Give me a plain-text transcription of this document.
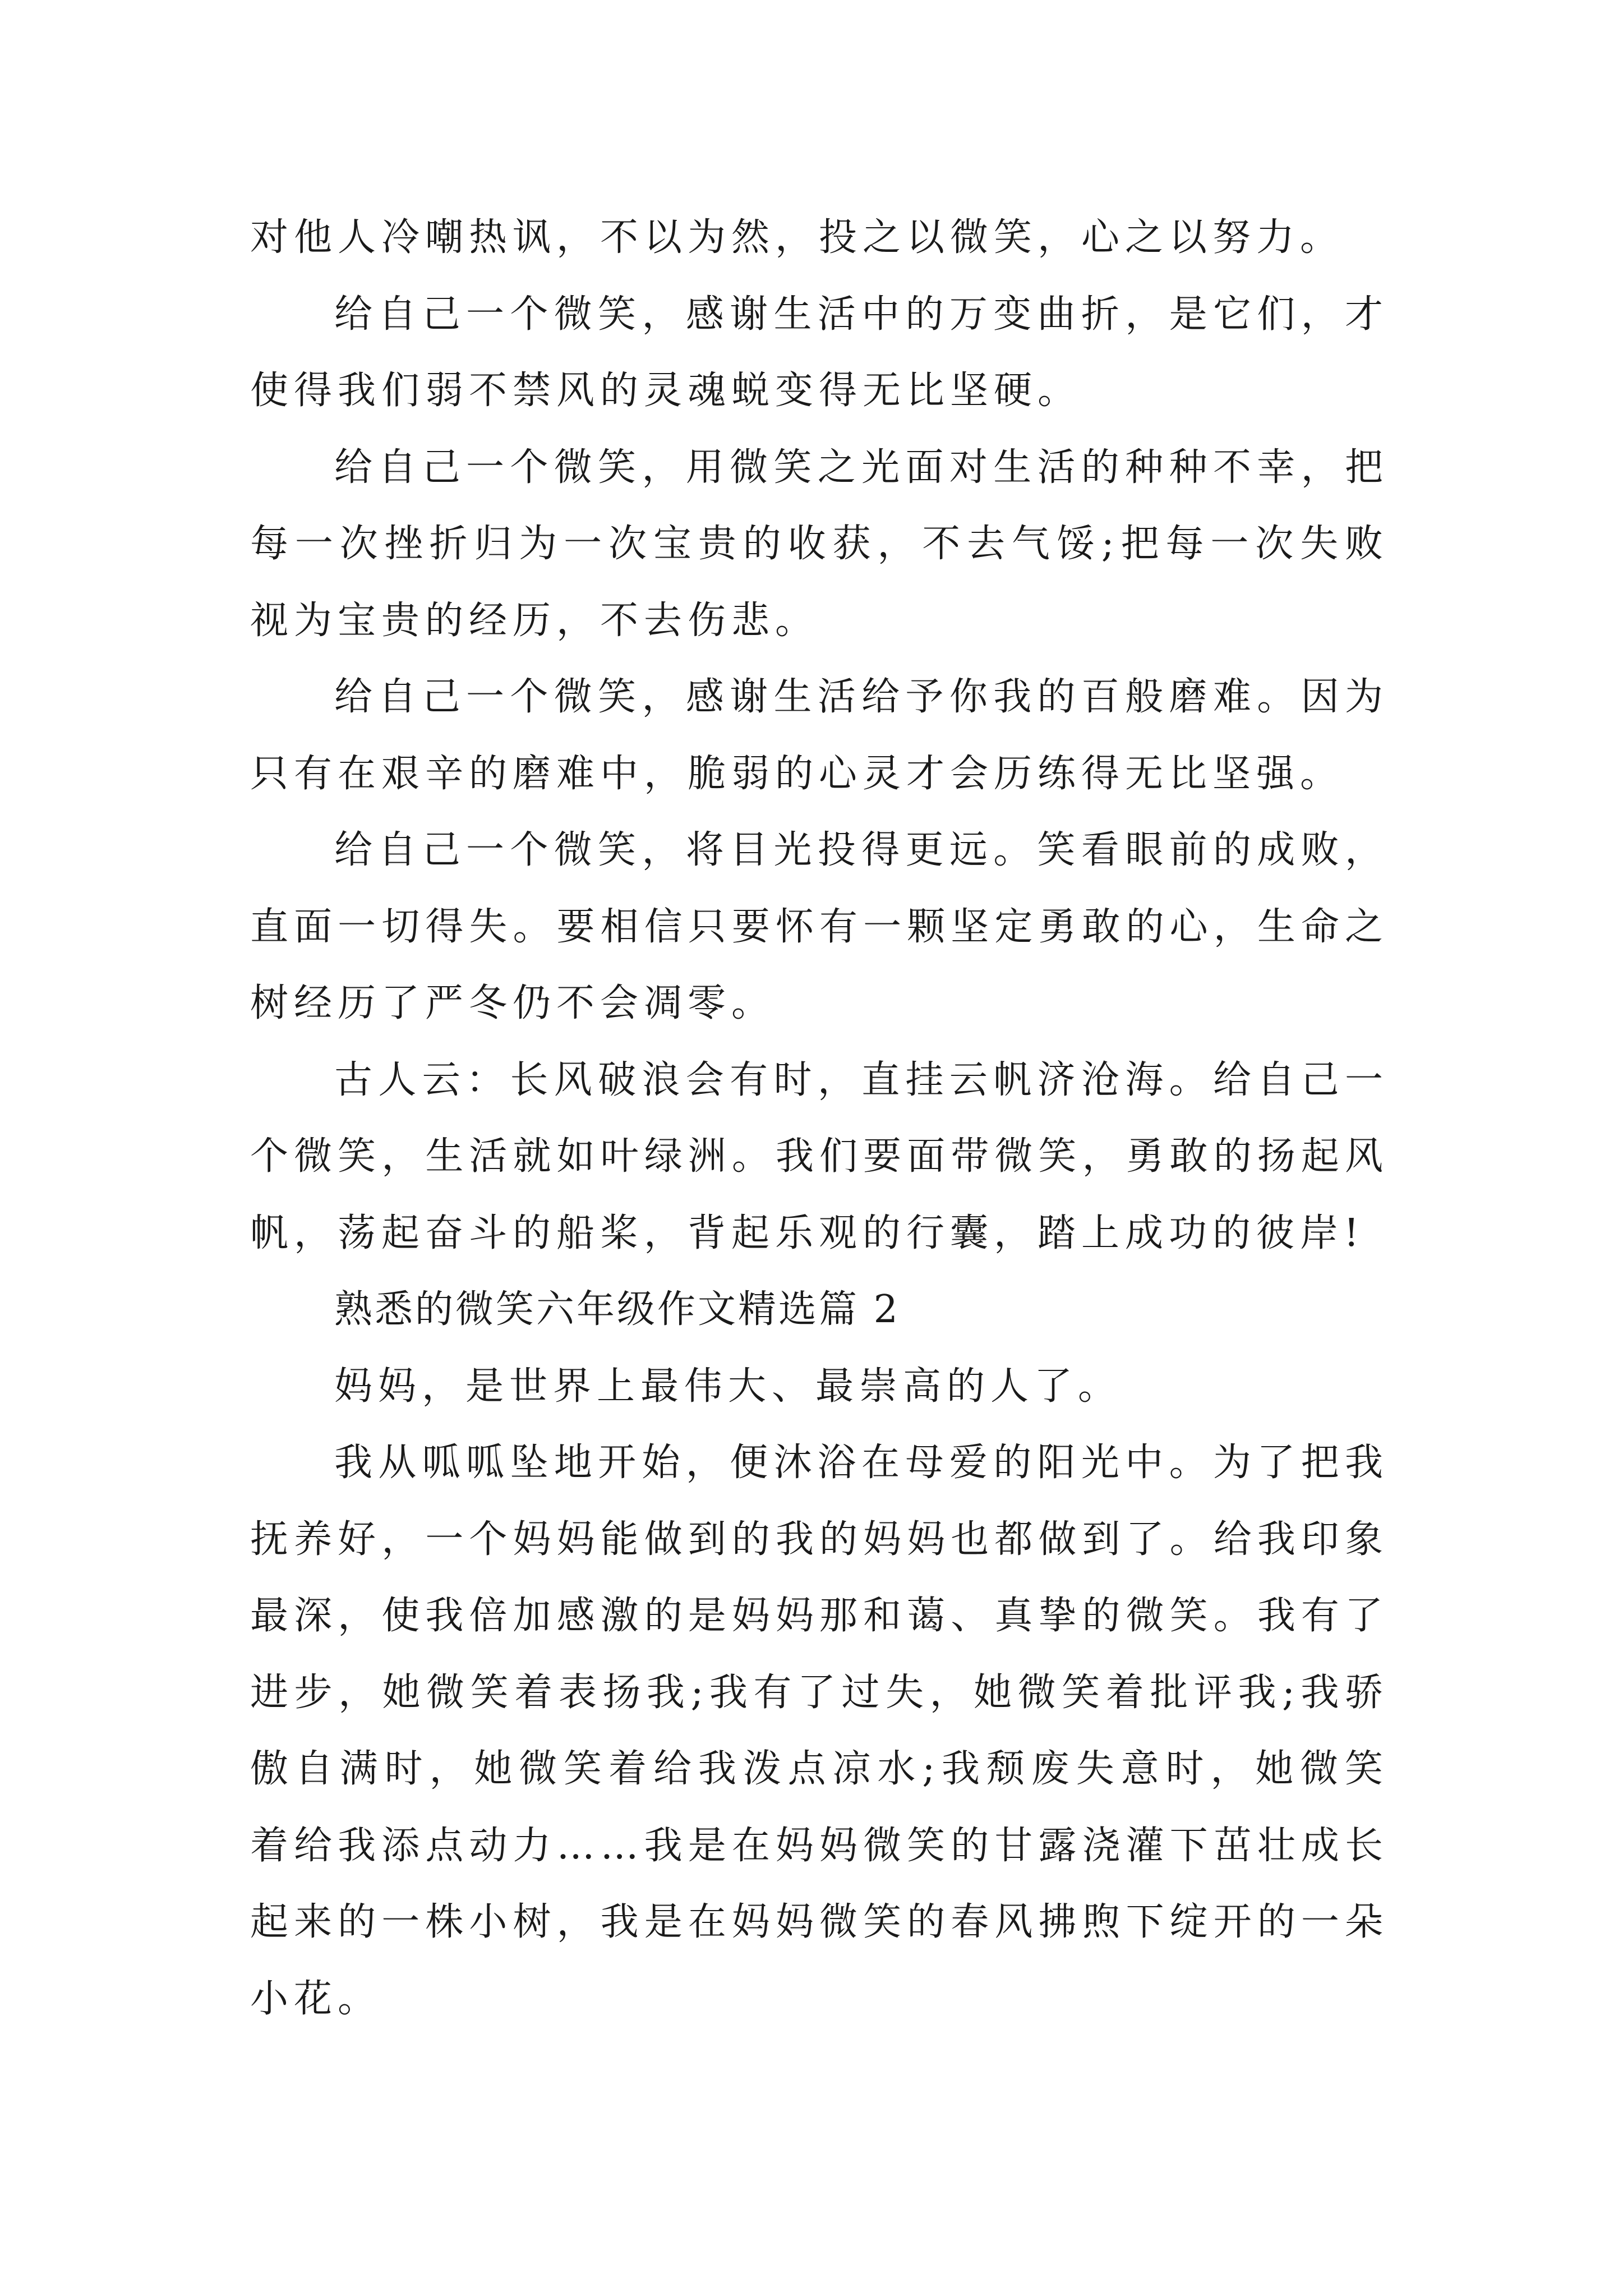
对他人冷嘲热讽，不以为然，投之以微笑，心之以努力。

给自己一个微笑，感谢生活中的万变曲折，是它们，才使得我们弱不禁风的灵魂蜕变得无比坚硬。

给自己一个微笑，用微笑之光面对生活的种种不幸，把每一次挫折归为一次宝贵的收获，不去气馁;把每一次失败视为宝贵的经历，不去伤悲。

给自己一个微笑，感谢生活给予你我的百般磨难。因为只有在艰辛的磨难中，脆弱的心灵才会历练得无比坚强。

给自己一个微笑，将目光投得更远。笑看眼前的成败，直面一切得失。要相信只要怀有一颗坚定勇敢的心，生命之树经历了严冬仍不会凋零。

古人云：长风破浪会有时，直挂云帆济沧海。给自己一个微笑，生活就如叶绿洲。我们要面带微笑，勇敢的扬起风帆，荡起奋斗的船桨，背起乐观的行囊，踏上成功的彼岸!

熟悉的微笑六年级作文精选篇 2

妈妈，是世界上最伟大、最崇高的人了。

我从呱呱坠地开始，便沐浴在母爱的阳光中。为了把我抚养好，一个妈妈能做到的我的妈妈也都做到了。给我印象最深，使我倍加感激的是妈妈那和蔼、真挚的微笑。我有了进步，她微笑着表扬我;我有了过失，她微笑着批评我;我骄傲自满时，她微笑着给我泼点凉水;我颓废失意时，她微笑着给我添点动力……我是在妈妈微笑的甘露浇灌下茁壮成长起来的一株小树，我是在妈妈微笑的春风拂煦下绽开的一朵小花。
